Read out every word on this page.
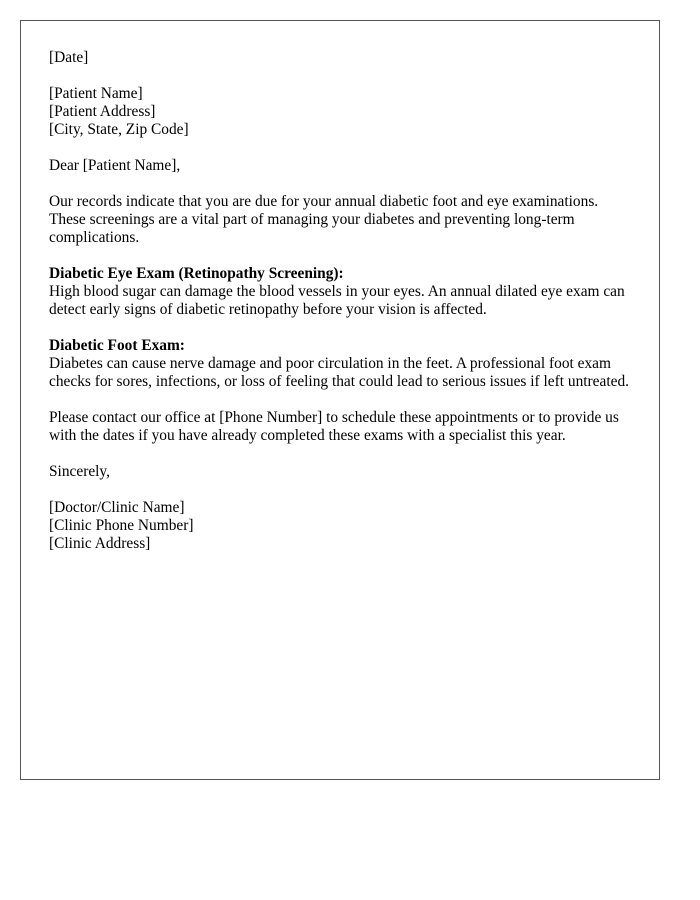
[Date]

[Patient Name]
[Patient Address]
[City, State, Zip Code]

Dear [Patient Name],

Our records indicate that you are due for your annual diabetic foot and eye examinations. These screenings are a vital part of managing your diabetes and preventing long-term complications.

Diabetic Eye Exam (Retinopathy Screening):
High blood sugar can damage the blood vessels in your eyes. An annual dilated eye exam can detect early signs of diabetic retinopathy before your vision is affected.

Diabetic Foot Exam:
Diabetes can cause nerve damage and poor circulation in the feet. A professional foot exam checks for sores, infections, or loss of feeling that could lead to serious issues if left untreated.

Please contact our office at [Phone Number] to schedule these appointments or to provide us with the dates if you have already completed these exams with a specialist this year.

Sincerely,

[Doctor/Clinic Name]
[Clinic Phone Number]
[Clinic Address]
